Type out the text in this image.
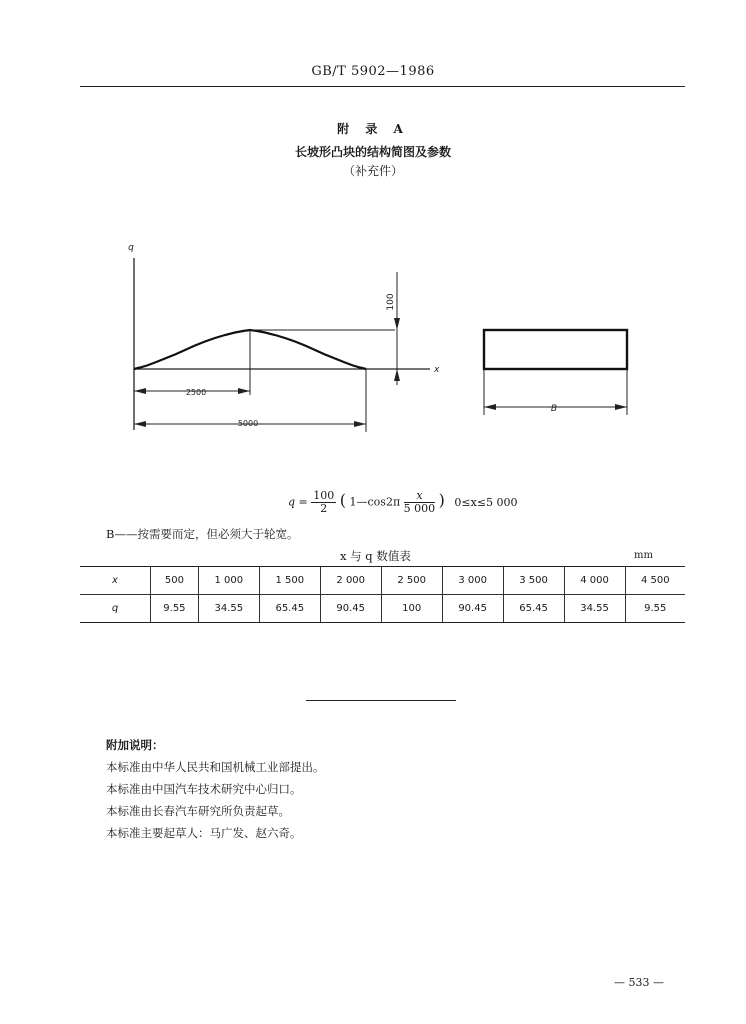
GB/T 5902—1986
附 录 A
长坡形凸块的结构简图及参数
（补充件）
100
q
x
2500
5000
B
$q = \frac{100}{2}$ ( 1—cos2π $\frac{x}{5 000}$ ) 0≤x≤5 000
B——按需要而定，但必须大于轮宽。
x 与 q 数值表	mm
x	500	1 000	1 500	2 000	2 500	3 000	3 500	4 000	4 500
q	9.55	34.55	65.45	90.45	100	90.45	65.45	34.55	9.55
附加说明：
本标准由中华人民共和国机械工业部提出。
本标准由中国汽车技术研究中心归口。
本标准由长春汽车研究所负责起草。
本标准主要起草人：马广发、赵六奇。
— 533 —
